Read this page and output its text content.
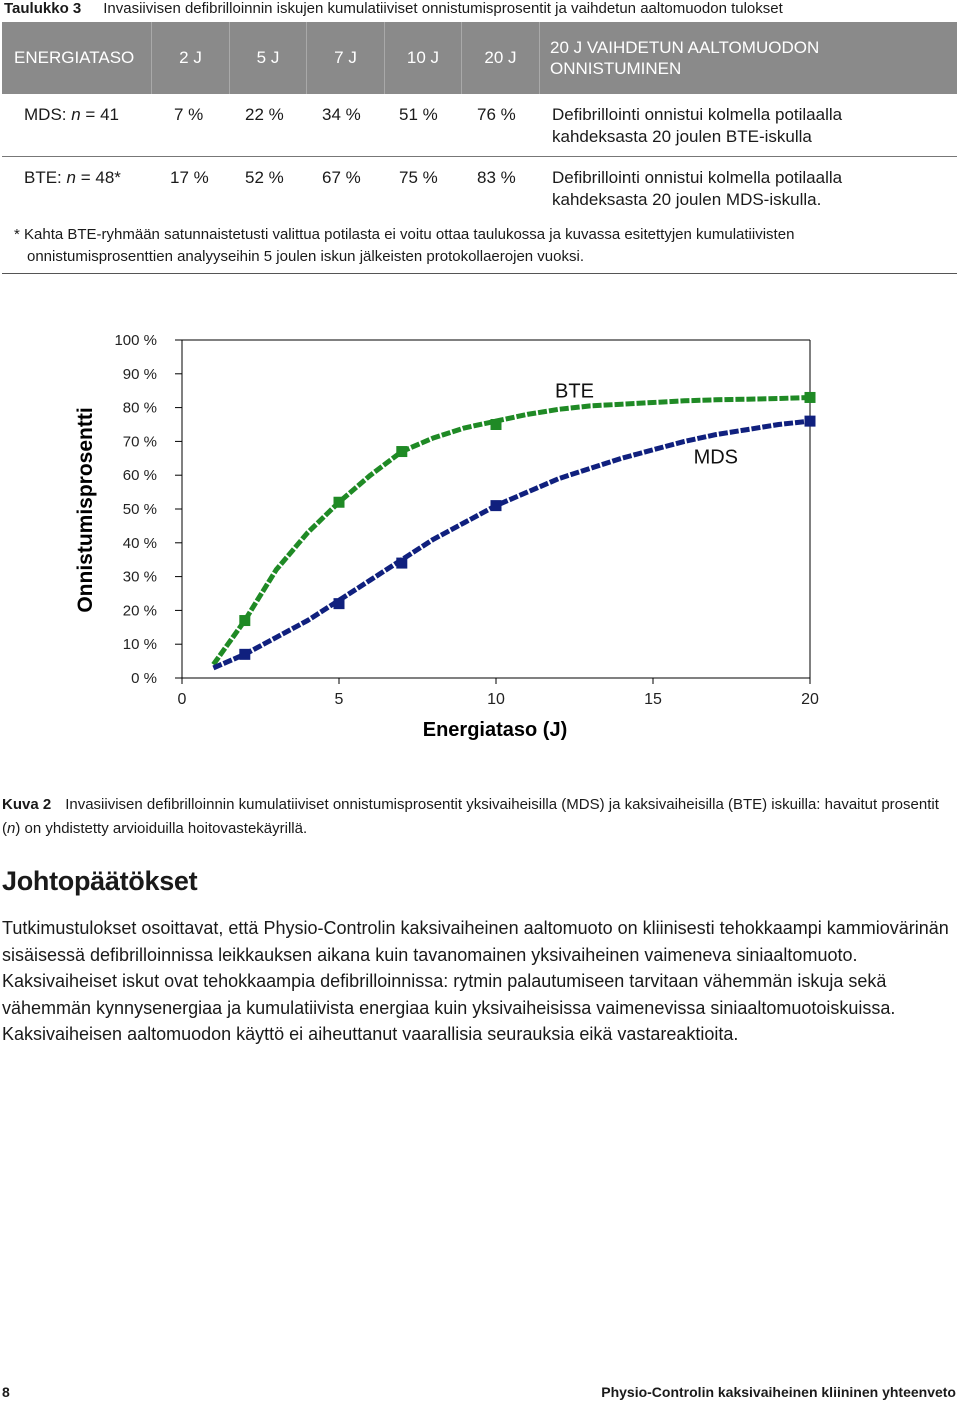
Taulukko 3 Invasiivisen defibrilloinnin iskujen kumulatiiviset onnistumisprosentit ja vaihdetun aaltomuodon tulokset
ENERGIATASO	2 J	5 J	7 J	10 J	20 J
20 J VAIHDETUN AALTOMUODON ONNISTUMINEN
MDS: n = 41	7 % 22 % 34 % 51 % 76 % Defibrillointi onnistui kolmella potilaalla
kahdeksasta 20 joulen BTE-iskulla
BTE: n = 48*	17 % 52 % 67 % 75 % 83 % Defibrillointi onnistui kolmella potilaalla
kahdeksasta 20 joulen MDS-iskulla.
* Kahta BTE-ryhmään satunnaistetusti valittua potilasta ei voitu ottaa taulukossa ja kuvassa esitettyjen kumulatiivisten
onnistumisprosenttien analyyseihin 5 joulen iskun jälkeisten protokollaerojen vuoksi.
0 %
10 %
20 %
30 %
40 %
50 %
60 %
70 %
80 %
90 %
100 %
0	5	10	15	20
BTE
MDS
Onnistumisprosentti
Energiataso (J)
Kuva 2 Invasiivisen defibrilloinnin kumulatiiviset onnistumisprosentit yksivaiheisilla (MDS) ja kaksivaiheisilla (BTE) iskuilla: havaitut prosentit (n) on yhdistetty arvioiduilla hoitovastekäyrillä.
Johtopäätökset
Tutkimustulokset osoittavat, että Physio-Controlin kaksivaiheinen aaltomuoto on kliinisesti tehokkaampi kammiovärinän sisäisessä defibrilloinnissa leikkauksen aikana kuin tavanomainen yksivaiheinen vaimeneva siniaaltomuoto. Kaksivaiheiset iskut ovat tehokkaampia defibrilloinnissa: rytmin palautumiseen tarvitaan vähemmän iskuja sekä vähemmän kynnysenergiaa ja kumulatiivista energiaa kuin yksivaiheisissa vaimenevissa siniaaltomuotoiskuissa. Kaksivaiheisen aaltomuodon käyttö ei aiheuttanut vaarallisia seurauksia eikä vastareaktioita.
8	Physio-Controlin kaksivaiheinen kliininen yhteenveto
